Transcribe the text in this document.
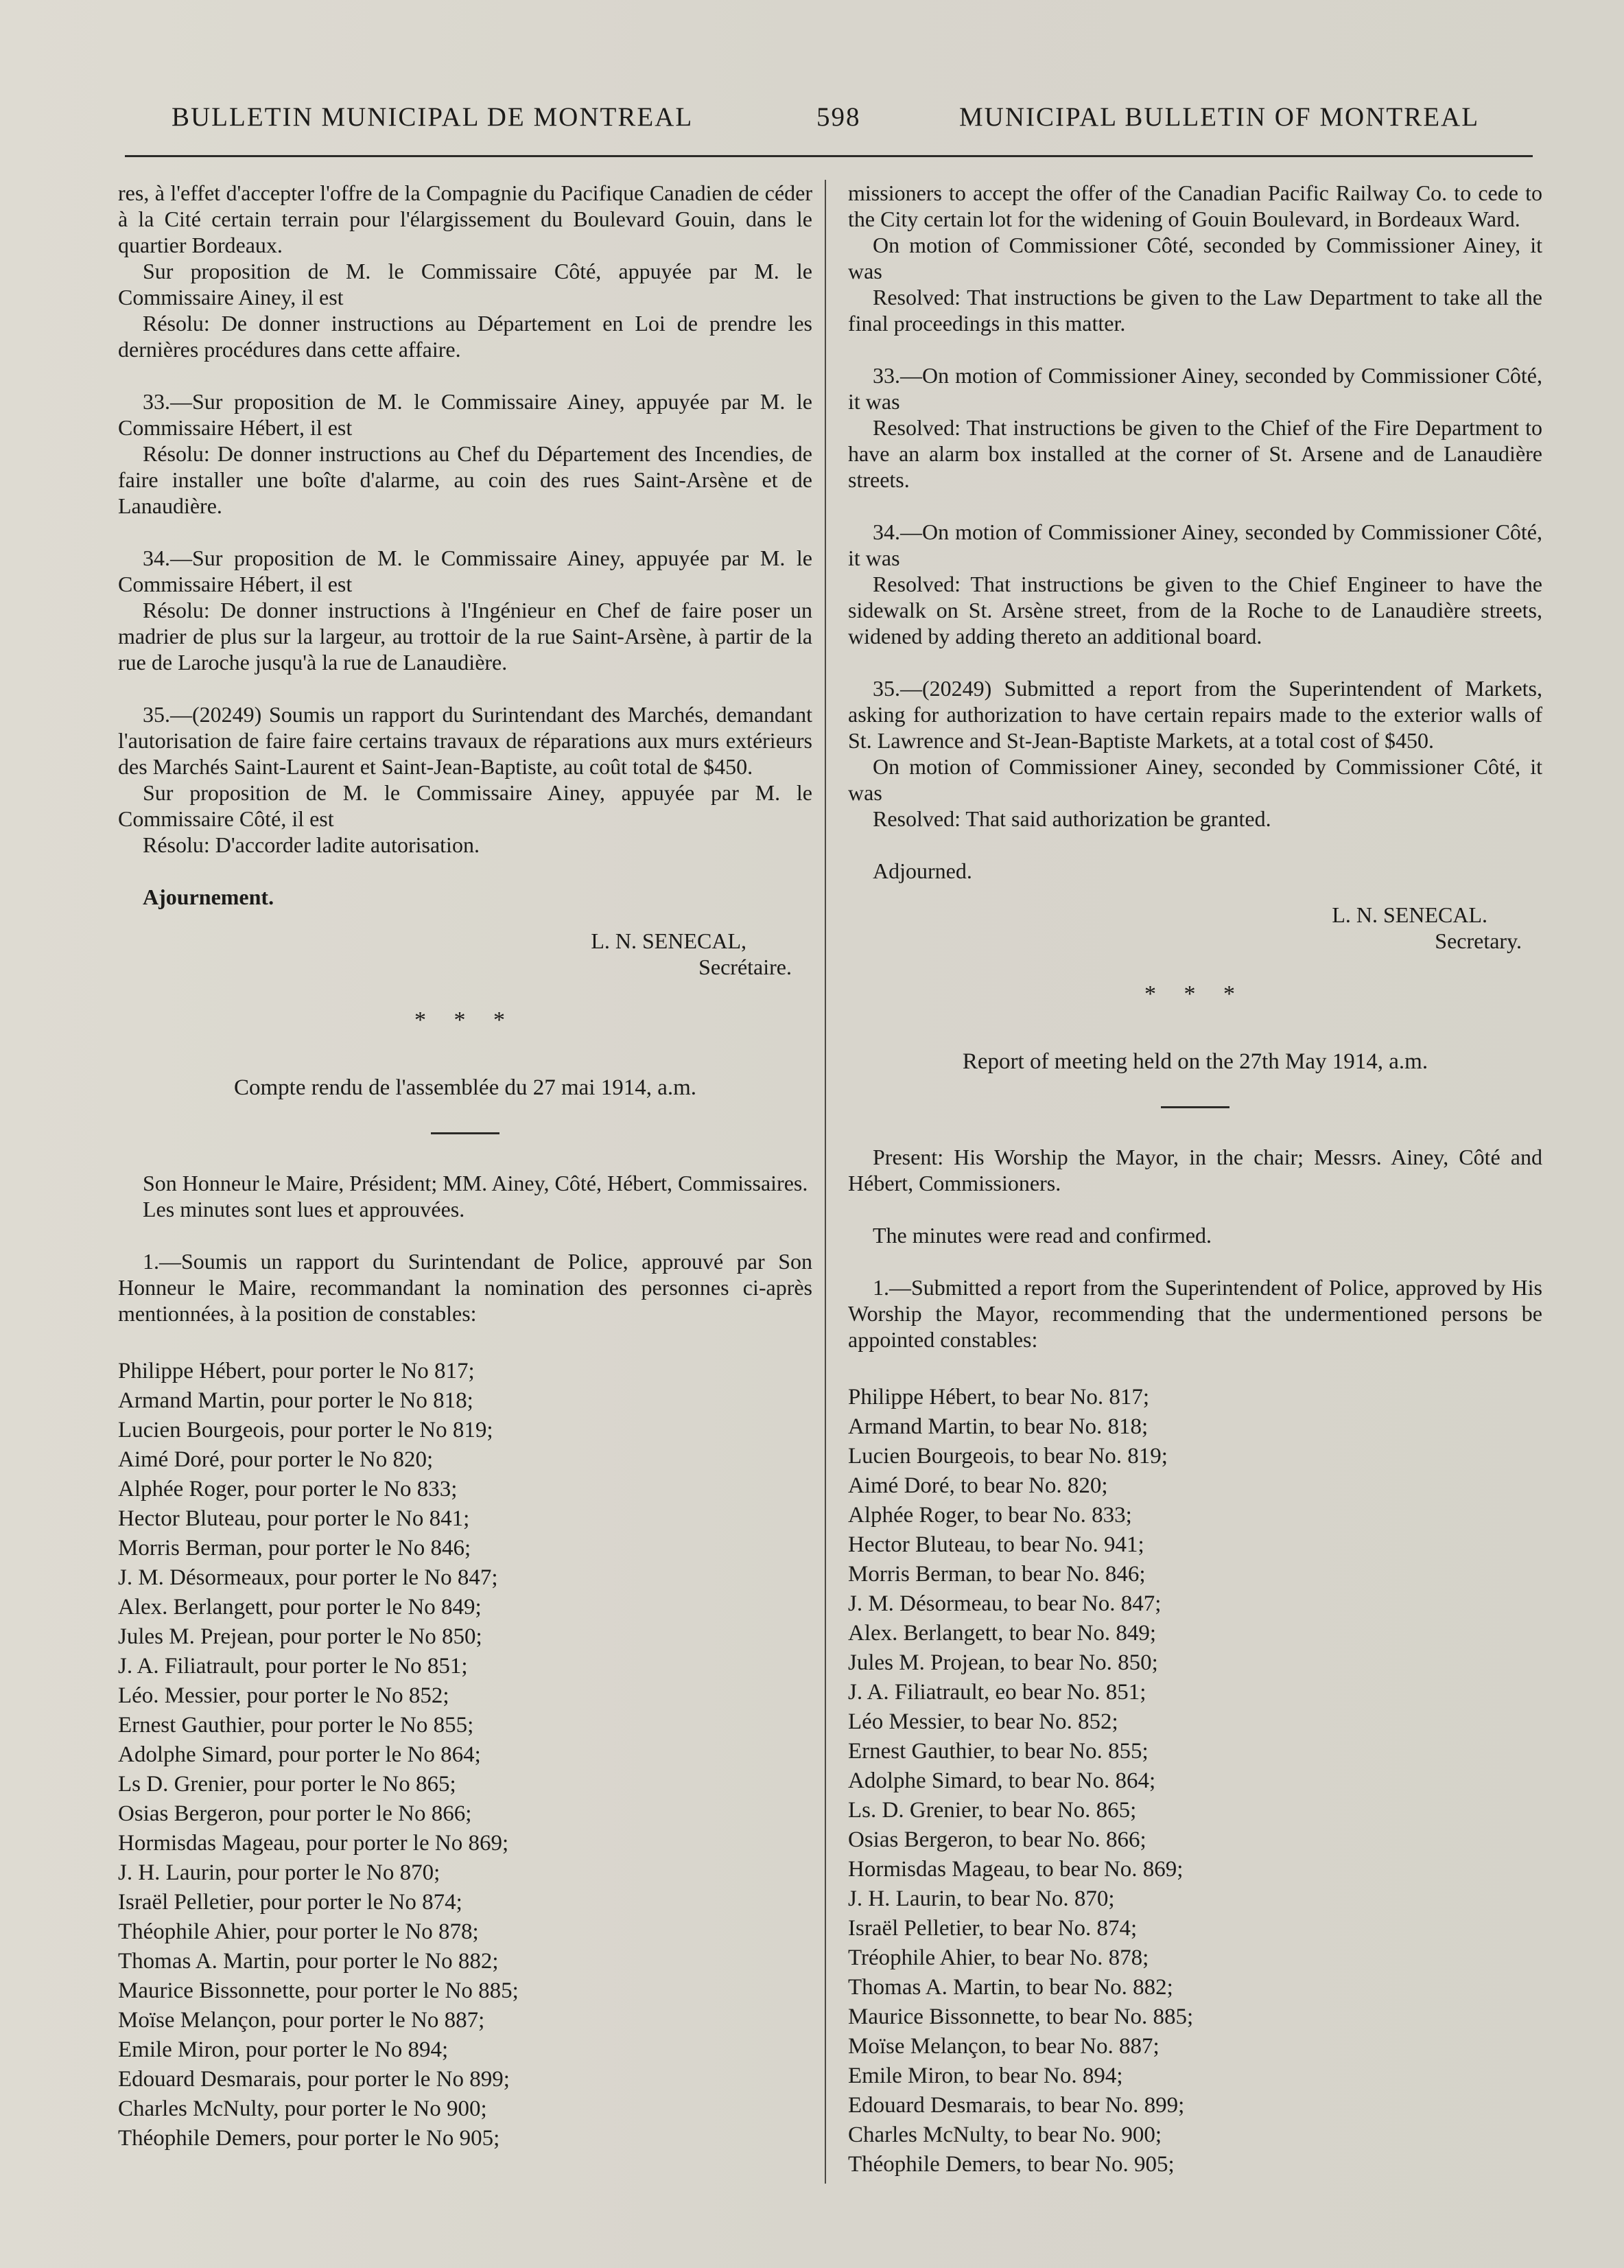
BULLETIN MUNICIPAL DE MONTREAL	598	MUNICIPAL BULLETIN OF MONTREAL

res, à l'effet d'accepter l'offre de la Compagnie du Pacifique Canadien de céder à la Cité certain terrain pour l'élargissement du Boulevard Gouin, dans le quartier Bordeaux.

Sur proposition de M. le Commissaire Côté, appuyée par M. le Commissaire Ainey, il est

Résolu: De donner instructions au Département en Loi de prendre les dernières procédures dans cette affaire.

33.—Sur proposition de M. le Commissaire Ainey, appuyée par M. le Commissaire Hébert, il est

Résolu: De donner instructions au Chef du Département des Incendies, de faire installer une boîte d'alarme, au coin des rues Saint-Arsène et de Lanaudière.

34.—Sur proposition de M. le Commissaire Ainey, appuyée par M. le Commissaire Hébert, il est

Résolu: De donner instructions à l'Ingénieur en Chef de faire poser un madrier de plus sur la largeur, au trottoir de la rue Saint-Arsène, à partir de la rue de Laroche jusqu'à la rue de Lanaudière.

35.—(20249) Soumis un rapport du Surintendant des Marchés, demandant l'autorisation de faire faire certains travaux de réparations aux murs extérieurs des Marchés Saint-Laurent et Saint-Jean-Baptiste, au coût total de $450.

Sur proposition de M. le Commissaire Ainey, appuyée par M. le Commissaire Côté, il est

Résolu: D'accorder ladite autorisation.

Ajournement.

L. N. SENECAL,

Secrétaire.

* * *
Compte rendu de l'assemblée du 27 mai 1914, a.m.

Son Honneur le Maire, Président; MM. Ainey, Côté, Hébert, Commissaires.

Les minutes sont lues et approuvées.

1.—Soumis un rapport du Surintendant de Police, approuvé par Son Honneur le Maire, recommandant la nomination des personnes ci-après mentionnées, à la position de constables:

Philippe Hébert, pour porter le No 817;
Armand Martin, pour porter le No 818;
Lucien Bourgeois, pour porter le No 819;
Aimé Doré, pour porter le No 820;
Alphée Roger, pour porter le No 833;
Hector Bluteau, pour porter le No 841;
Morris Berman, pour porter le No 846;
J. M. Désormeaux, pour porter le No 847;
Alex. Berlangett, pour porter le No 849;
Jules M. Prejean, pour porter le No 850;
J. A. Filiatrault, pour porter le No 851;
Léo. Messier, pour porter le No 852;
Ernest Gauthier, pour porter le No 855;
Adolphe Simard, pour porter le No 864;
Ls D. Grenier, pour porter le No 865;
Osias Bergeron, pour porter le No 866;
Hormisdas Mageau, pour porter le No 869;
J. H. Laurin, pour porter le No 870;
Israël Pelletier, pour porter le No 874;
Théophile Ahier, pour porter le No 878;
Thomas A. Martin, pour porter le No 882;
Maurice Bissonnette, pour porter le No 885;
Moïse Melançon, pour porter le No 887;
Emile Miron, pour porter le No 894;
Edouard Desmarais, pour porter le No 899;
Charles McNulty, pour porter le No 900;
Théophile Demers, pour porter le No 905;

missioners to accept the offer of the Canadian Pacific Railway Co. to cede to the City certain lot for the widening of Gouin Boulevard, in Bordeaux Ward.

On motion of Commissioner Côté, seconded by Commissioner Ainey, it was

Resolved: That instructions be given to the Law Department to take all the final proceedings in this matter.

33.—On motion of Commissioner Ainey, seconded by Commissioner Côté, it was

Resolved: That instructions be given to the Chief of the Fire Department to have an alarm box installed at the corner of St. Arsene and de Lanaudière streets.

34.—On motion of Commissioner Ainey, seconded by Commissioner Côté, it was

Resolved: That instructions be given to the Chief Engineer to have the sidewalk on St. Arsène street, from de la Roche to de Lanaudière streets, widened by adding thereto an additional board.

35.—(20249) Submitted a report from the Superintendent of Markets, asking for authorization to have certain repairs made to the exterior walls of St. Lawrence and St-Jean-Baptiste Markets, at a total cost of $450.

On motion of Commissioner Ainey, seconded by Commissioner Côté, it was

Resolved: That said authorization be granted.

Adjourned.

L. N. SENECAL.

Secretary.

* * *
Report of meeting held on the 27th May 1914, a.m.

Present: His Worship the Mayor, in the chair; Messrs. Ainey, Côté and Hébert, Commissioners.

The minutes were read and confirmed.

1.—Submitted a report from the Superintendent of Police, approved by His Worship the Mayor, recommending that the undermentioned persons be appointed constables:

Philippe Hébert, to bear No. 817;
Armand Martin, to bear No. 818;
Lucien Bourgeois, to bear No. 819;
Aimé Doré, to bear No. 820;
Alphée Roger, to bear No. 833;
Hector Bluteau, to bear No. 941;
Morris Berman, to bear No. 846;
J. M. Désormeau, to bear No. 847;
Alex. Berlangett, to bear No. 849;
Jules M. Projean, to bear No. 850;
J. A. Filiatrault, eo bear No. 851;
Léo Messier, to bear No. 852;
Ernest Gauthier, to bear No. 855;
Adolphe Simard, to bear No. 864;
Ls. D. Grenier, to bear No. 865;
Osias Bergeron, to bear No. 866;
Hormisdas Mageau, to bear No. 869;
J. H. Laurin, to bear No. 870;
Israël Pelletier, to bear No. 874;
Tréophile Ahier, to bear No. 878;
Thomas A. Martin, to bear No. 882;
Maurice Bissonnette, to bear No. 885;
Moïse Melançon, to bear No. 887;
Emile Miron, to bear No. 894;
Edouard Desmarais, to bear No. 899;
Charles McNulty, to bear No. 900;
Théophile Demers, to bear No. 905;
